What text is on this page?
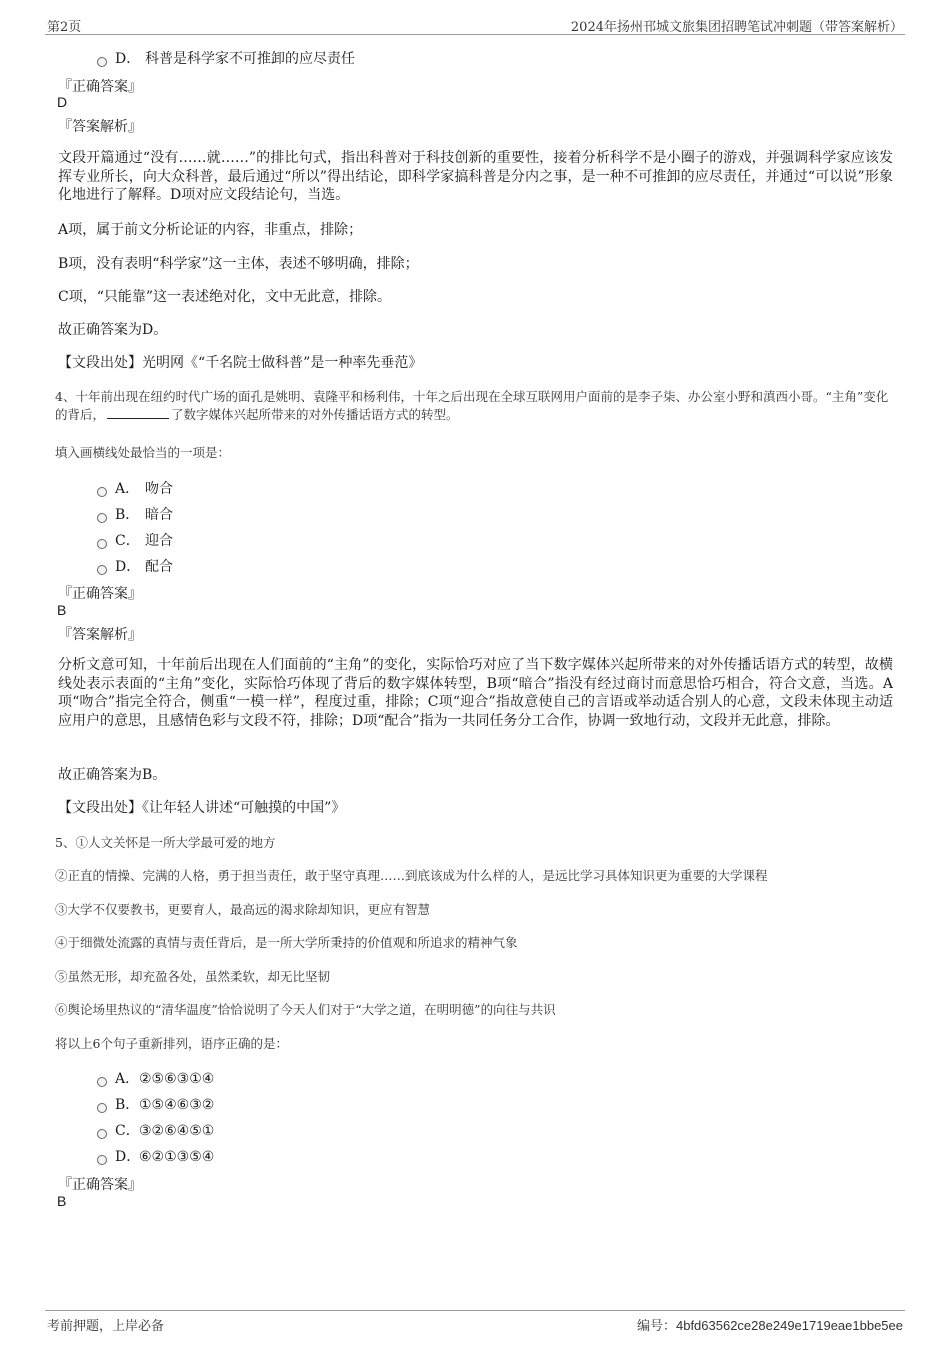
第2页	2024年扬州邗城文旅集团招聘笔试冲刺题（带答案解析）
D． 科普是科学家不可推卸的应尽责任
『正确答案』
D
『答案解析』
文段开篇通过“没有……就……”的排比句式，指出科普对于科技创新的重要性，接着分析科学不是小圈子的游戏，并强调科学家应该发挥专业所长，向大众科普，最后通过“所以”得出结论，即科学家搞科普是分内之事，是一种不可推卸的应尽责任，并通过“可以说”形象化地进行了解释。D项对应文段结论句，当选。
A项，属于前文分析论证的内容，非重点，排除；
B项，没有表明“科学家”这一主体，表述不够明确，排除；
C项，“只能靠”这一表述绝对化，文中无此意，排除。
故正确答案为D。
【文段出处】光明网《“千名院士做科普”是一种率先垂范》
4、十年前出现在纽约时代广场的面孔是姚明、袁隆平和杨利伟，十年之后出现在全球互联网用户面前的是李子柒、办公室小野和滇西小哥。“主角”变化的背后，	了数字媒体兴起所带来的对外传播话语方式的转型。
填入画横线处最恰当的一项是：
A． 吻合
B． 暗合
C． 迎合
D． 配合
『正确答案』
B
『答案解析』
分析文意可知，十年前后出现在人们面前的“主角”的变化，实际恰巧对应了当下数字媒体兴起所带来的对外传播话语方式的转型，故横线处表示表面的“主角”变化，实际恰巧体现了背后的数字媒体转型，B项“暗合”指没有经过商讨而意思恰巧相合，符合文意，当选。A项“吻合”指完全符合，侧重“一模一样”，程度过重，排除；C项“迎合”指故意使自己的言语或举动适合别人的心意，文段未体现主动适应用户的意思，且感情色彩与文段不符，排除；D项“配合”指为一共同任务分工合作，协调一致地行动，文段并无此意，排除。
故正确答案为B。
【文段出处】《让年轻人讲述“可触摸的中国”》
5、①人文关怀是一所大学最可爱的地方
②正直的情操、完满的人格，勇于担当责任，敢于坚守真理……到底该成为什么样的人，是远比学习具体知识更为重要的大学课程
③大学不仅要教书，更要育人，最高远的渴求除却知识，更应有智慧
④于细微处流露的真情与责任背后，是一所大学所秉持的价值观和所追求的精神气象
⑤虽然无形，却充盈各处，虽然柔软，却无比坚韧
⑥舆论场里热议的“清华温度”恰恰说明了今天人们对于“大学之道，在明明德”的向往与共识
将以上6个句子重新排列，语序正确的是：
A．②⑤⑥③①④
B．①⑤④⑥③②
C．③②⑥④⑤①
D．⑥②①③⑤④
『正确答案』
B
考前押题，上岸必备	编号：4bfd63562ce28e249e1719eae1bbe5ee
